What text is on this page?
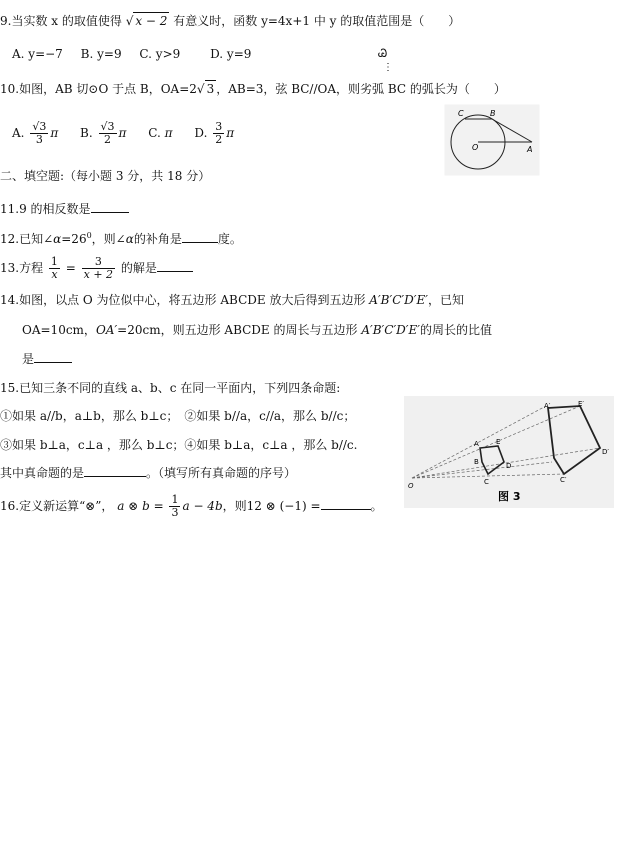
9.当实数 x 的取值使得 √ x − 2 有意义时，函数 y=4x+1 中 y 的取值范围是（　　）
A. y=−7 B. y=9 C. y>9 D. y=9	Ꮚ
⋮
10.如图，AB 切⊙O 于点 B，OA=2√ 3 ，AB=3，弦 BC//OA，则劣弧 BC 的弧长为（　　）
A. $\frac{√3}{3}$ π B. $\frac{√3}{2}$ π C. π D. $\frac{3}{2}$ π
C	B
O	A
二、填空题:（每小题 3 分，共 18 分）
11.9 的相反数是
12.已知$\angle\alpha=26^0$，则∠α的补角是	度。
13.方程 $\frac{1}{x} = \frac{3}{x + 2}$ 的解是
14.如图，以点 O 为位似中心，将五边形 ABCDE 放大后得到五边形 A′B′C′D′E′，已知
OA=10cm，OA′=20cm，则五边形 ABCDE 的周长与五边形 A′B′C′D′E′的周长的比值
是
15.已知三条不同的直线 a、b、c 在同一平面内，下列四条命题:
①如果 a//b，a⊥b，那么 b⊥c；　②如果 b//a，c//a，那么 b//c；
③如果 b⊥a，c⊥a ，那么 b⊥c；④如果 b⊥a，c⊥a ，那么 b//c.
其中真命题的是	。（填写所有真命题的序号）
16.定义新运算“⊗”， a ⊗ $b = \frac{1}{3}$ a − 4b，则12 ⊗ (−1) =	。
A′	E′
D′
C′
A E
B	D
C
O
图 3
